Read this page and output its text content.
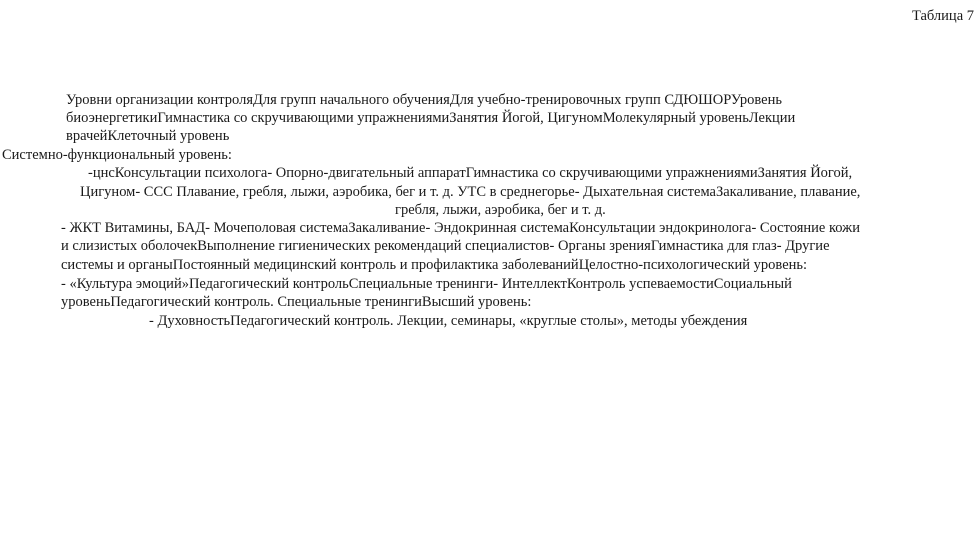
Таблица 7
Уровни организации контроляДля групп начального обученияДля учебно-тренировочных групп СДЮШОРУровень
биоэнергетикиГимнастика со скручивающими упражнениямиЗанятия Йогой, ЦигуномМолекулярный уровеньЛекции
врачейКлеточный уровень
Системно-функциональный уровень:
-цнсКонсультации психолога- Опорно-двигательный аппаратГимнастика со скручивающими упражнениямиЗанятия Йогой,
Цигуном- ССС Плавание, гребля, лыжи, аэробика, бег и т. д. УТС в среднегорье- Дыхательная системаЗакаливание, плавание,
гребля, лыжи, аэробика, бег и т. д.
- ЖКТ Витамины, БАД- Мочеполовая системаЗакаливание- Эндокринная системаКонсультации эндокринолога- Состояние кожи
и слизистых оболочекВыполнение гигиенических рекомендаций специалистов- Органы зренияГимнастика для глаз- Другие
системы и органыПостоянный медицинский контроль и профилактика заболеванийЦелостно-психологический уровень:
- «Культура эмоций»Педагогический контрольСпециальные тренинги- ИнтеллектКонтроль успеваемостиСоциальный
уровеньПедагогический контроль. Специальные тренингиВысший уровень:
- ДуховностьПедагогический контроль. Лекции, семинары, «круглые столы», методы убеждения
